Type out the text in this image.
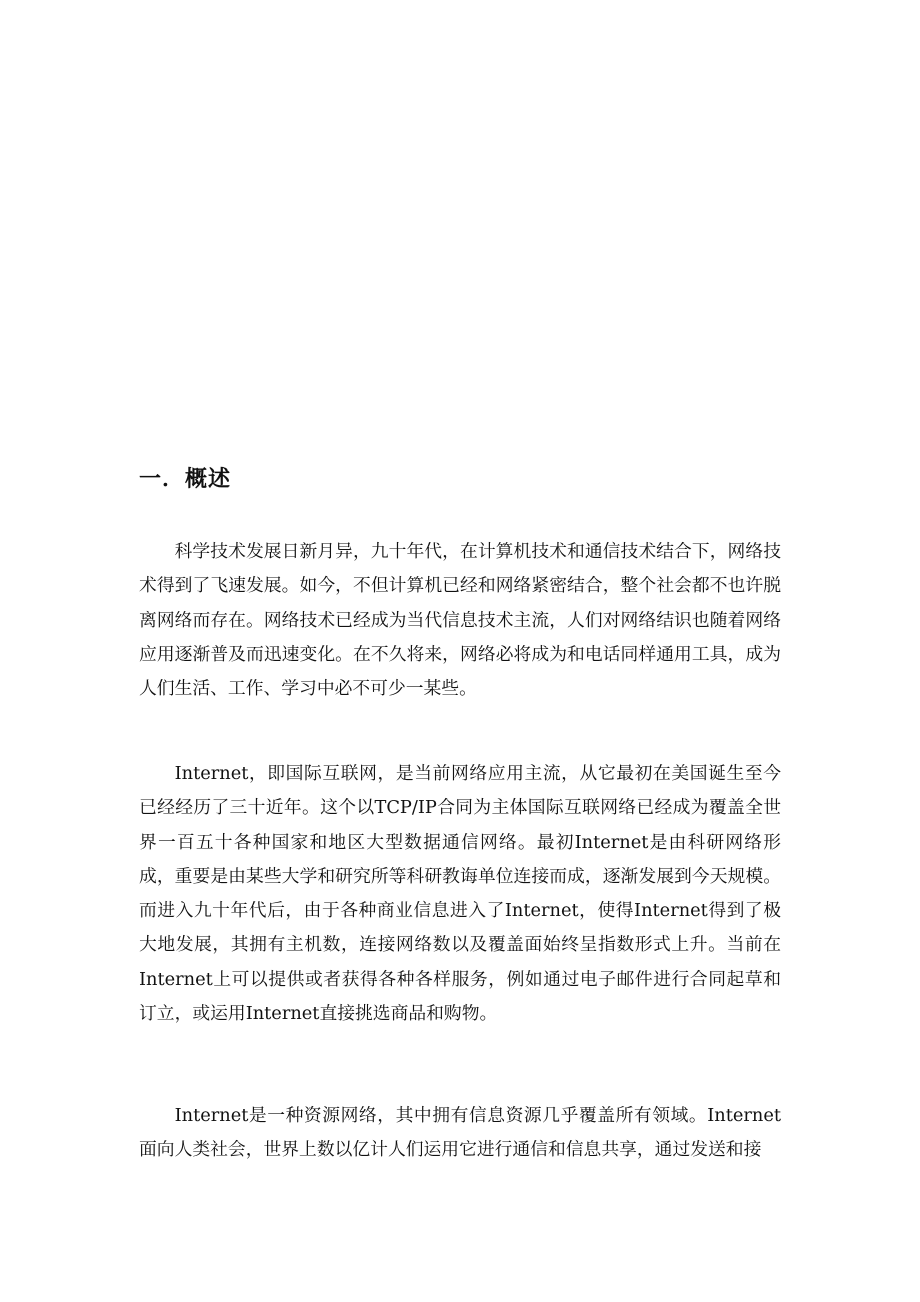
一．概述

科学技术发展日新月异，九十年代，在计算机技术和通信技术结合下，网络技术得到了飞速发展。如今，不但计算机已经和网络紧密结合，整个社会都不也许脱离网络而存在。网络技术已经成为当代信息技术主流，人们对网络结识也随着网络应用逐渐普及而迅速变化。在不久将来，网络必将成为和电话同样通用工具，成为人们生活、工作、学习中必不可少一某些。

Internet，即国际互联网，是当前网络应用主流，从它最初在美国诞生至今已经经历了三十近年。这个以TCP/IP合同为主体国际互联网络已经成为覆盖全世界一百五十各种国家和地区大型数据通信网络。最初Internet是由科研网络形成，重要是由某些大学和研究所等科研教诲单位连接而成，逐渐发展到今天规模。而进入九十年代后，由于各种商业信息进入了Internet，使得Internet得到了极大地发展，其拥有主机数，连接网络数以及覆盖面始终呈指数形式上升。当前在Internet上可以提供或者获得各种各样服务，例如通过电子邮件进行合同起草和订立，或运用Internet直接挑选商品和购物。

Internet是一种资源网络，其中拥有信息资源几乎覆盖所有领域。Internet面向人类社会，世界上数以亿计人们运用它进行通信和信息共享，通过发送和接
